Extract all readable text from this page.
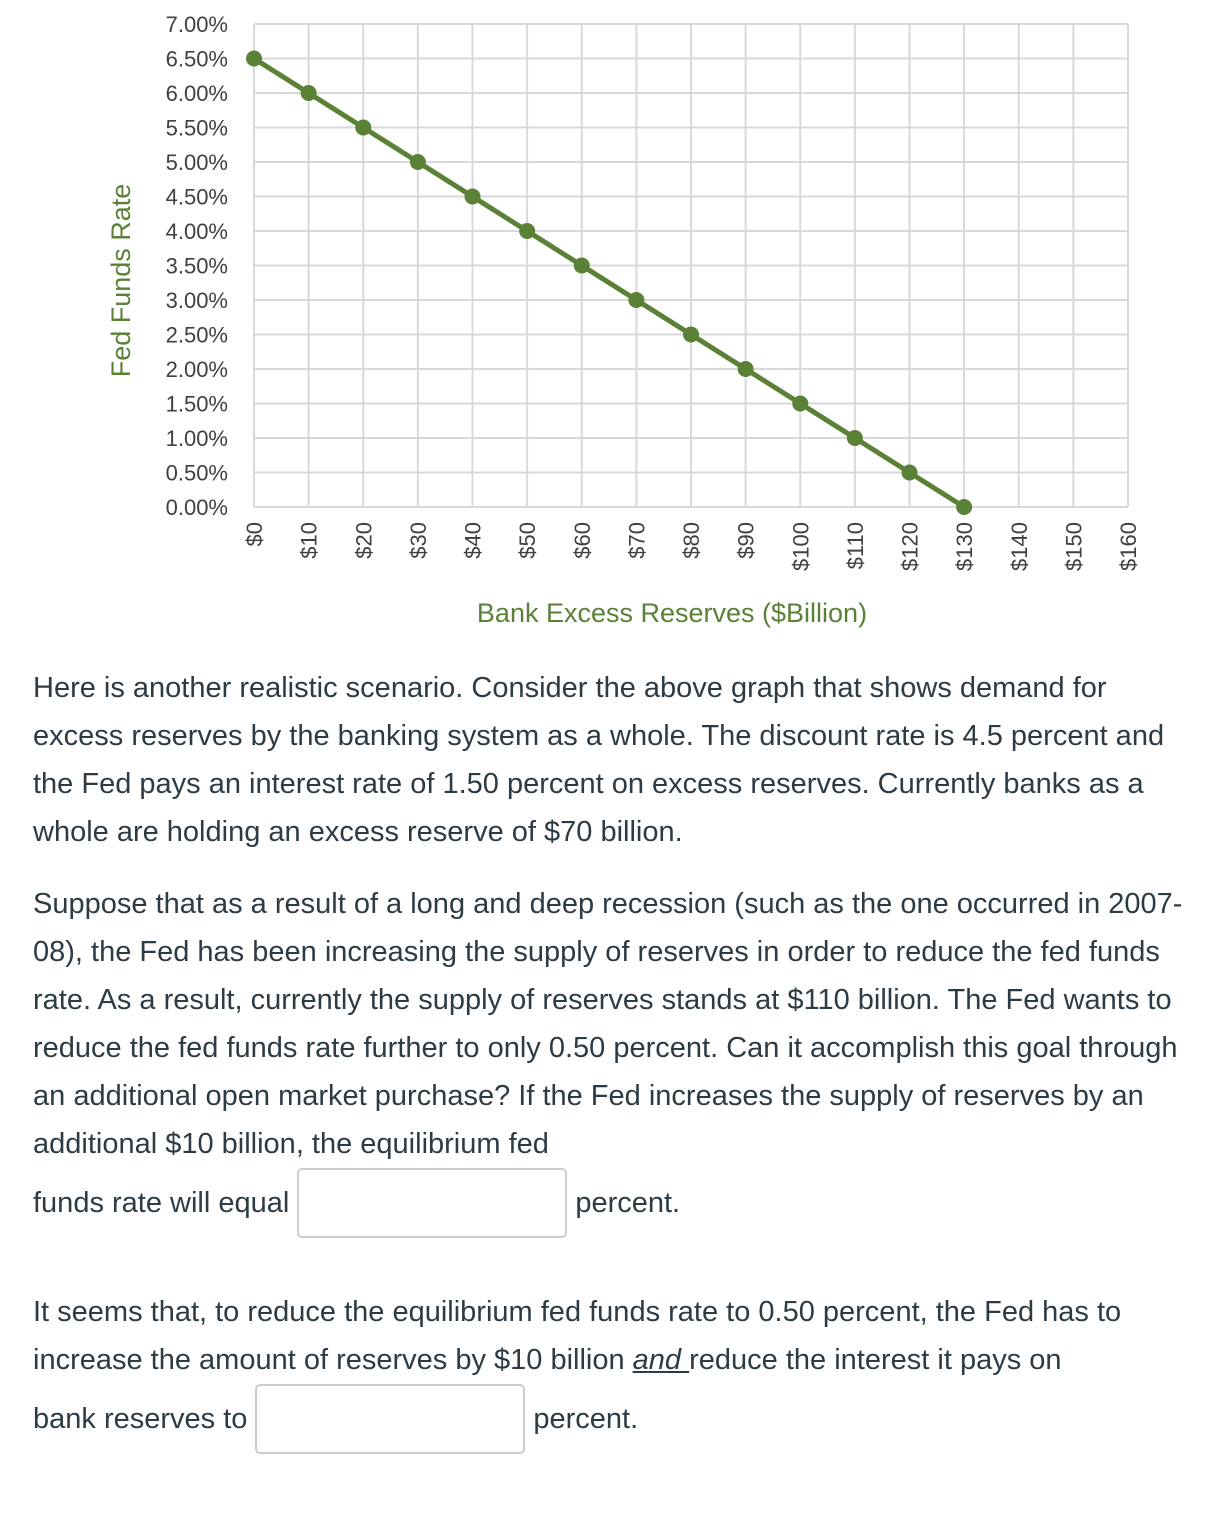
0.00%
0.50%
1.00%
1.50%
2.00%
2.50%
3.00%
3.50%
4.00%
4.50%
5.00%
5.50%
6.00%
6.50%
7.00%
$0 $10 $20 $30 $40 $50 $60 $70 $80 $90 $100 $110 $120 $130 $140 $150 $160
Fed Funds Rate
Bank Excess Reserves ($Billion)

Here is another realistic scenario. Consider the above graph that shows demand for excess reserves by the banking system as a whole. The discount rate is 4.5 percent and the Fed pays an interest rate of 1.50 percent on excess reserves. Currently banks as a whole are holding an excess reserve of $70 billion.

Suppose that as a result of a long and deep recession (such as the one occurred in 2007-08), the Fed has been increasing the supply of reserves in order to reduce the fed funds rate. As a result, currently the supply of reserves stands at $110 billion. The Fed wants to reduce the fed funds rate further to only 0.50 percent. Can it accomplish this goal through an additional open market purchase? If the Fed increases the supply of reserves by an additional $10 billion, the equilibrium fed

funds rate will equal	percent.

It seems that, to reduce the equilibrium fed funds rate to 0.50 percent, the Fed has to increase the amount of reserves by $10 billion and reduce the interest it pays on

bank reserves to	percent.
